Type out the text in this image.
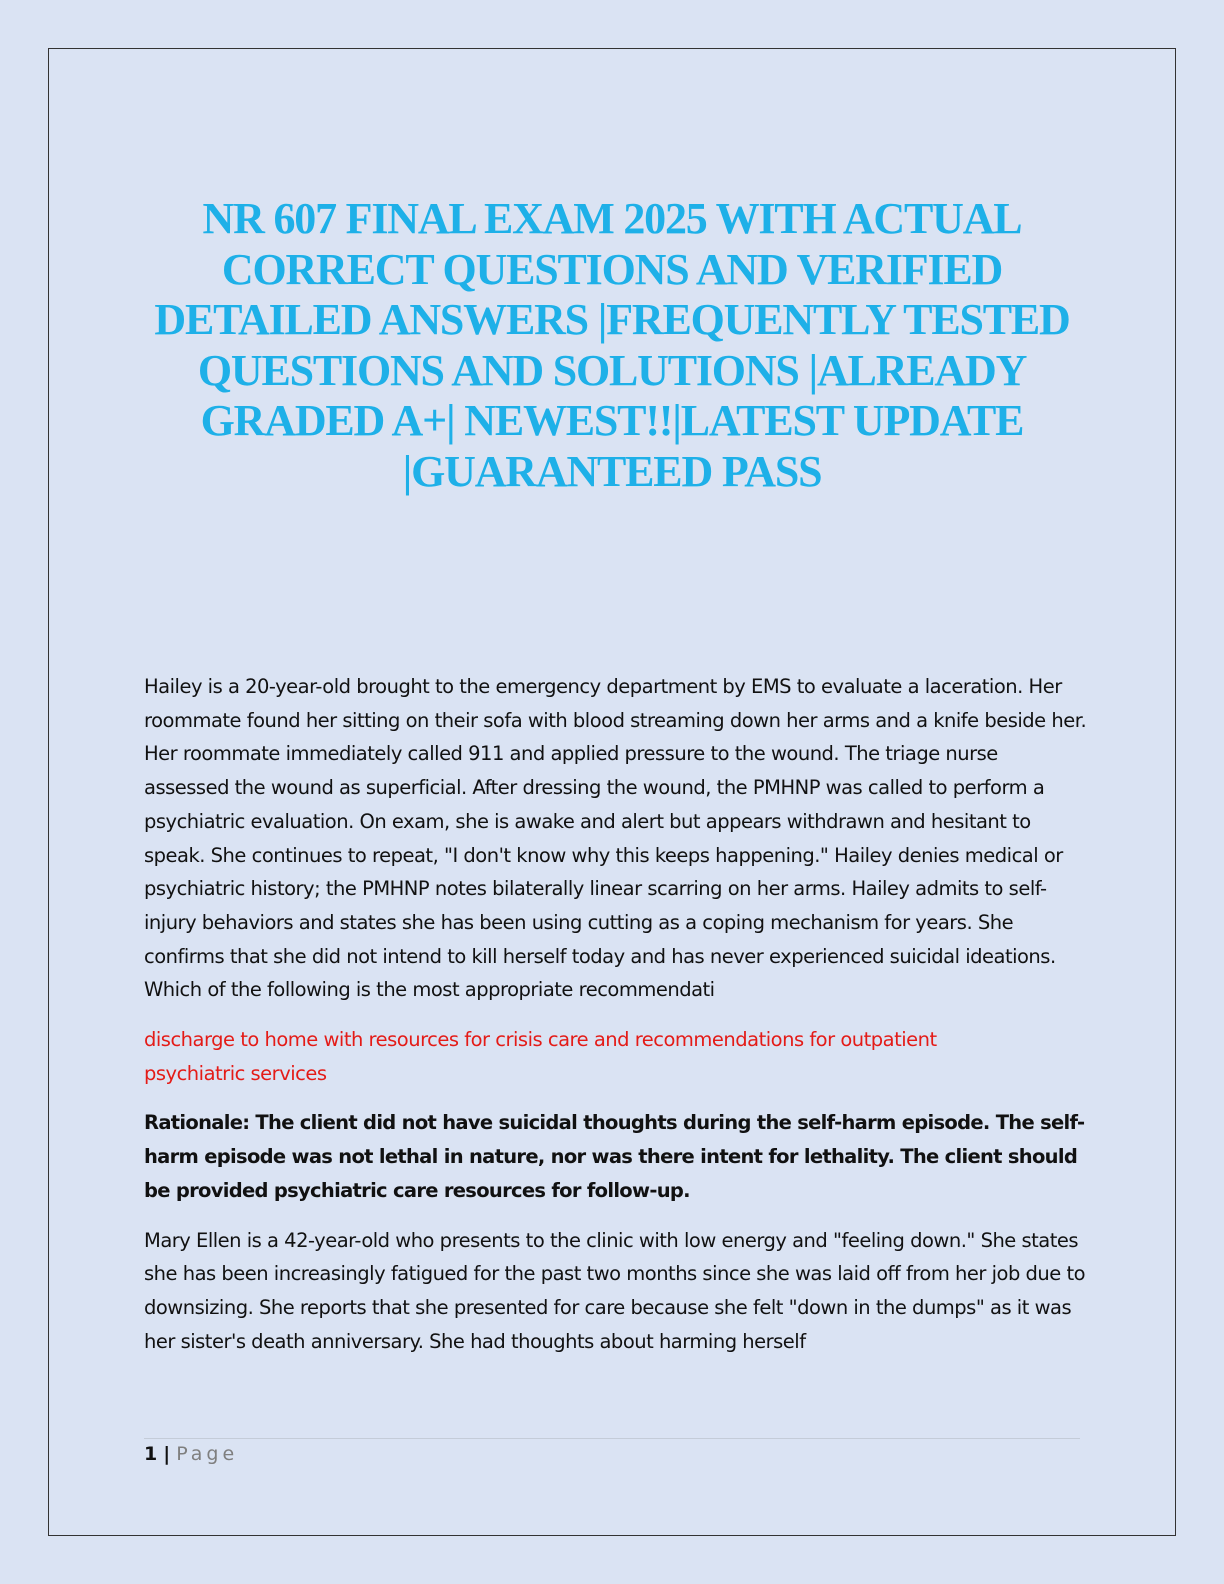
NR 607 FINAL EXAM 2025 WITH ACTUAL CORRECT QUESTIONS AND VERIFIED DETAILED ANSWERS |FREQUENTLY TESTED QUESTIONS AND SOLUTIONS |ALREADY GRADED A+| NEWEST!!|LATEST UPDATE |GUARANTEED PASS

Hailey is a 20-year-old brought to the emergency department by EMS to evaluate a laceration. Her roommate found her sitting on their sofa with blood streaming down her arms and a knife beside her. Her roommate immediately called 911 and applied pressure to the wound. The triage nurse assessed the wound as superficial. After dressing the wound, the PMHNP was called to perform a psychiatric evaluation. On exam, she is awake and alert but appears withdrawn and hesitant to speak. She continues to repeat, "I don't know why this keeps happening." Hailey denies medical or psychiatric history; the PMHNP notes bilaterally linear scarring on her arms. Hailey admits to self-injury behaviors and states she has been using cutting as a coping mechanism for years. She confirms that she did not intend to kill herself today and has never experienced suicidal ideations. Which of the following is the most appropriate recommendati

discharge to home with resources for crisis care and recommendations for outpatient psychiatric services

Rationale: The client did not have suicidal thoughts during the self-harm episode. The self-harm episode was not lethal in nature, nor was there intent for lethality. The client should be provided psychiatric care resources for follow-up.

Mary Ellen is a 42-year-old who presents to the clinic with low energy and "feeling down." She states she has been increasingly fatigued for the past two months since she was laid off from her job due to downsizing. She reports that she presented for care because she felt "down in the dumps" as it was her sister's death anniversary. She had thoughts about harming herself

1 | Page
